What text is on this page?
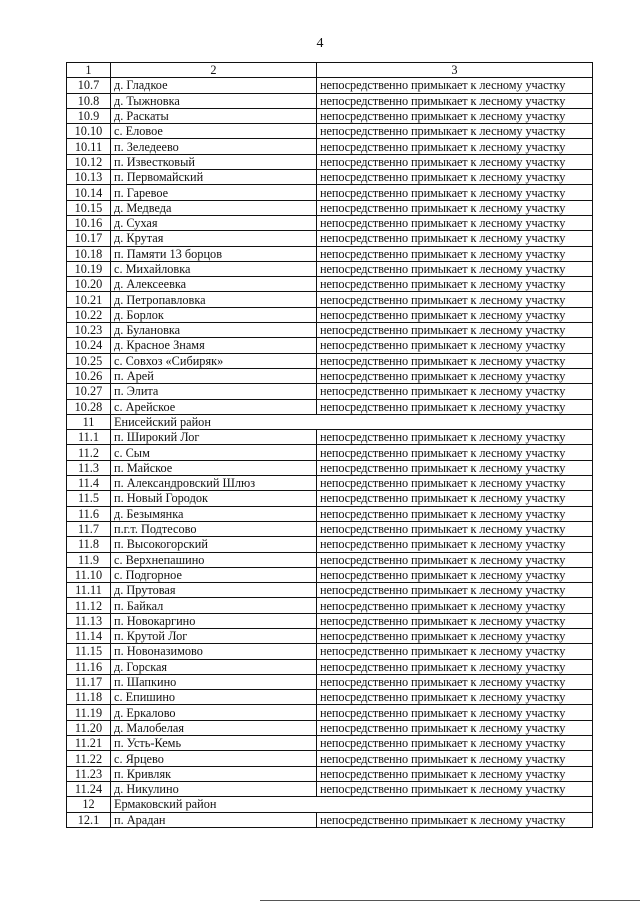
4
1	2	3
10.7	д. Гладкое	непосредственно примыкает к лесному участку
10.8	д. Тыжновка	непосредственно примыкает к лесному участку
10.9	д. Раскаты	непосредственно примыкает к лесному участку
10.10	с. Еловое	непосредственно примыкает к лесному участку
10.11	п. Зеледеево	непосредственно примыкает к лесному участку
10.12	п. Известковый	непосредственно примыкает к лесному участку
10.13	п. Первомайский	непосредственно примыкает к лесному участку
10.14	п. Гаревое	непосредственно примыкает к лесному участку
10.15	д. Медведа	непосредственно примыкает к лесному участку
10.16	д. Сухая	непосредственно примыкает к лесному участку
10.17	д. Крутая	непосредственно примыкает к лесному участку
10.18	п. Памяти 13 борцов	непосредственно примыкает к лесному участку
10.19	с. Михайловка	непосредственно примыкает к лесному участку
10.20	д. Алексеевка	непосредственно примыкает к лесному участку
10.21	д. Петропавловка	непосредственно примыкает к лесному участку
10.22	д. Борлок	непосредственно примыкает к лесному участку
10.23	д. Булановка	непосредственно примыкает к лесному участку
10.24	д. Красное Знамя	непосредственно примыкает к лесному участку
10.25	с. Совхоз «Сибиряк»	непосредственно примыкает к лесному участку
10.26	п. Арей	непосредственно примыкает к лесному участку
10.27	п. Элита	непосредственно примыкает к лесному участку
10.28	с. Арейское	непосредственно примыкает к лесному участку
11	Енисейский район	
11.1	п. Широкий Лог	непосредственно примыкает к лесному участку
11.2	с. Сым	непосредственно примыкает к лесному участку
11.3	п. Майское	непосредственно примыкает к лесному участку
11.4	п. Александровский Шлюз	непосредственно примыкает к лесному участку
11.5	п. Новый Городок	непосредственно примыкает к лесному участку
11.6	д. Безымянка	непосредственно примыкает к лесному участку
11.7	п.г.т. Подтесово	непосредственно примыкает к лесному участку
11.8	п. Высокогорский	непосредственно примыкает к лесному участку
11.9	с. Верхнепашино	непосредственно примыкает к лесному участку
11.10	с. Подгорное	непосредственно примыкает к лесному участку
11.11	д. Прутовая	непосредственно примыкает к лесному участку
11.12	п. Байкал	непосредственно примыкает к лесному участку
11.13	п. Новокаргино	непосредственно примыкает к лесному участку
11.14	п. Крутой Лог	непосредственно примыкает к лесному участку
11.15	п. Новоназимово	непосредственно примыкает к лесному участку
11.16	д. Горская	непосредственно примыкает к лесному участку
11.17	п. Шапкино	непосредственно примыкает к лесному участку
11.18	с. Епишино	непосредственно примыкает к лесному участку
11.19	д. Еркалово	непосредственно примыкает к лесному участку
11.20	д. Малобелая	непосредственно примыкает к лесному участку
11.21	п. Усть-Кемь	непосредственно примыкает к лесному участку
11.22	с. Ярцево	непосредственно примыкает к лесному участку
11.23	п. Кривляк	непосредственно примыкает к лесному участку
11.24	д. Никулино	непосредственно примыкает к лесному участку
12	Ермаковский район	
12.1	п. Арадан	непосредственно примыкает к лесному участку
